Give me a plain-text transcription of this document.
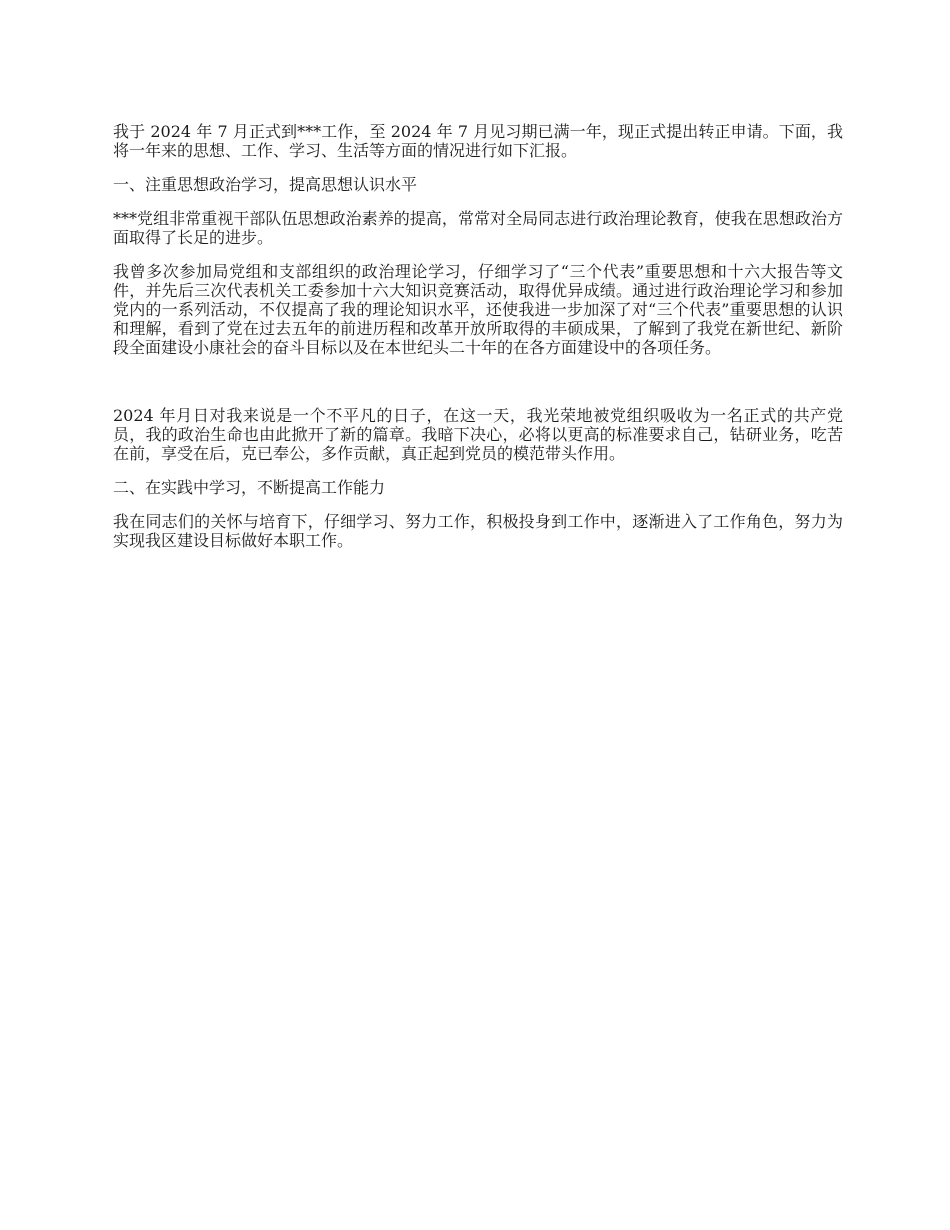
我于 2024 年 7 月正式到***工作，至 2024 年 7 月见习期已满一年，现正式提出转正申请。下面，我将一年来的思想、工作、学习、生活等方面的情况进行如下汇报。

一、注重思想政治学习，提高思想认识水平

***党组非常重视干部队伍思想政治素养的提高，常常对全局同志进行政治理论教育，使我在思想政治方面取得了长足的进步。

我曾多次参加局党组和支部组织的政治理论学习，仔细学习了“三个代表”重要思想和十六大报告等文件，并先后三次代表机关工委参加十六大知识竞赛活动，取得优异成绩。通过进行政治理论学习和参加党内的一系列活动，不仅提高了我的理论知识水平，还使我进一步加深了对“三个代表”重要思想的认识和理解，看到了党在过去五年的前进历程和改革开放所取得的丰硕成果，了解到了我党在新世纪、新阶段全面建设小康社会的奋斗目标以及在本世纪头二十年的在各方面建设中的各项任务。

2024 年月日对我来说是一个不平凡的日子，在这一天，我光荣地被党组织吸收为一名正式的共产党员，我的政治生命也由此掀开了新的篇章。我暗下决心，必将以更高的标准要求自己，钻研业务，吃苦在前，享受在后，克已奉公，多作贡献，真正起到党员的模范带头作用。

二、在实践中学习，不断提高工作能力

我在同志们的关怀与培育下，仔细学习、努力工作，积极投身到工作中，逐渐进入了工作角色，努力为实现我区建设目标做好本职工作。
